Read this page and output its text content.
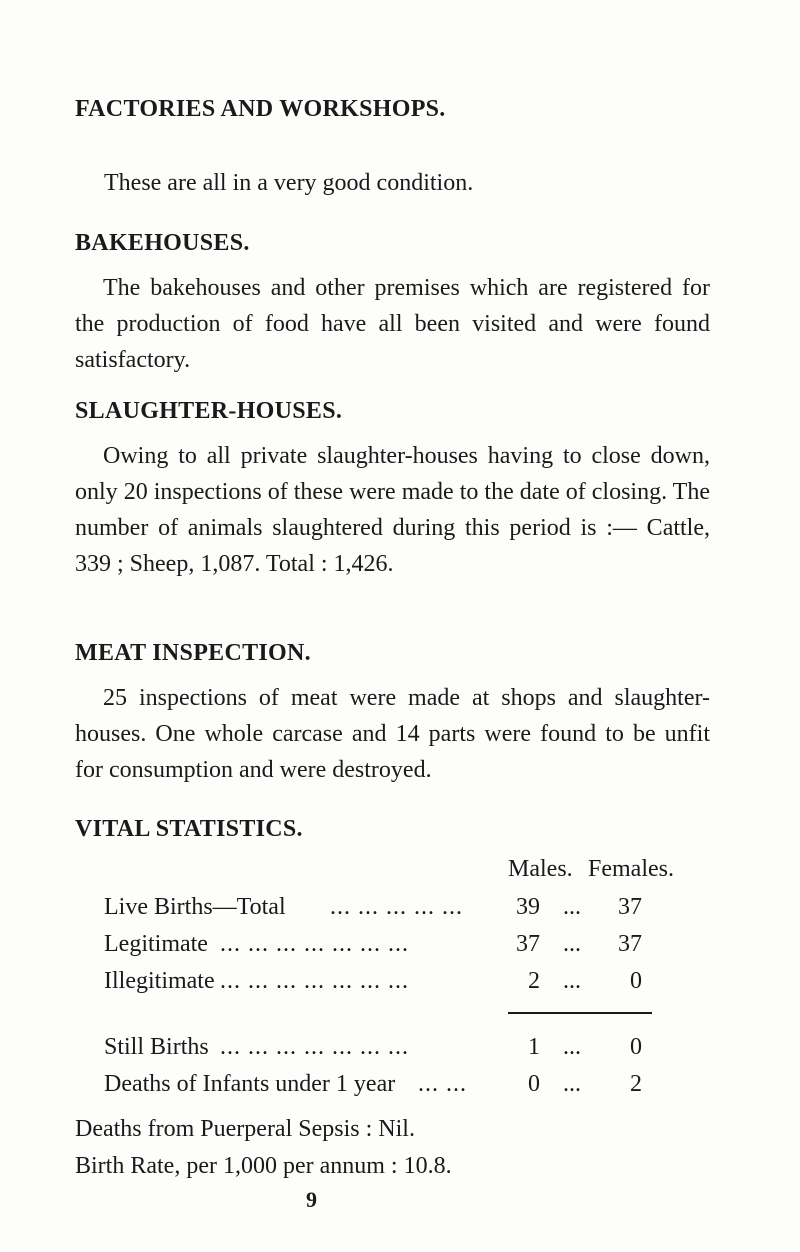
FACTORIES AND WORKSHOPS.

These are all in a very good condition.

BAKEHOUSES.

The bakehouses and other premises which are registered for the production of food have all been visited and were found satisfactory.

SLAUGHTER-HOUSES.

Owing to all private slaughter-houses having to close down, only 20 inspections of these were made to the date of closing. The number of animals slaughtered during this period is :— Cattle, 339 ; Sheep, 1,087. Total : 1,426.

MEAT INSPECTION.

25 inspections of meat were made at shops and slaughter-houses. One whole carcase and 14 parts were found to be unfit for consumption and were destroyed.

VITAL STATISTICS.
Males. Females.
Live Births—Total ... ... ... ... ...	39 ...	37
Legitimate ... ... ... ... ... ... ...	37 ...	37
Illegitimate ... ... ... ... ... ... ...	2 ...	0
Still Births ... ... ... ... ... ... ...	1 ...	0
Deaths of Infants under 1 year ... ...	0 ...	2

Deaths from Puerperal Sepsis : Nil.

Birth Rate, per 1,000 per annum : 10.8.

9
